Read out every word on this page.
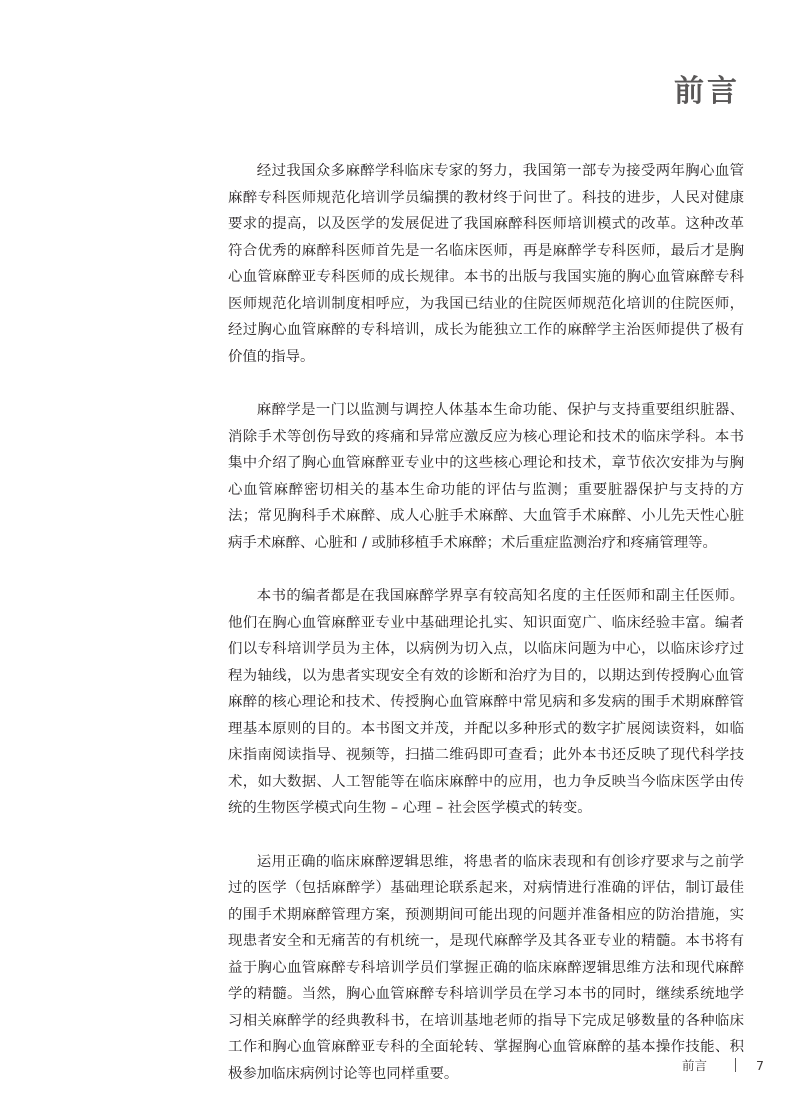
前言

经过我国众多麻醉学科临床专家的努力，我国第一部专为接受两年胸心血管麻醉专科医师规范化培训学员编撰的教材终于问世了。科技的进步，人民对健康要求的提高，以及医学的发展促进了我国麻醉科医师培训模式的改革。这种改革符合优秀的麻醉科医师首先是一名临床医师，再是麻醉学专科医师，最后才是胸心血管麻醉亚专科医师的成长规律。本书的出版与我国实施的胸心血管麻醉专科医师规范化培训制度相呼应，为我国已结业的住院医师规范化培训的住院医师，经过胸心血管麻醉的专科培训，成长为能独立工作的麻醉学主治医师提供了极有价值的指导。

麻醉学是一门以监测与调控人体基本生命功能、保护与支持重要组织脏器、消除手术等创伤导致的疼痛和异常应激反应为核心理论和技术的临床学科。本书集中介绍了胸心血管麻醉亚专业中的这些核心理论和技术，章节依次安排为与胸心血管麻醉密切相关的基本生命功能的评估与监测；重要脏器保护与支持的方法；常见胸科手术麻醉、成人心脏手术麻醉、大血管手术麻醉、小儿先天性心脏病手术麻醉、心脏和 / 或肺移植手术麻醉；术后重症监测治疗和疼痛管理等。

本书的编者都是在我国麻醉学界享有较高知名度的主任医师和副主任医师。他们在胸心血管麻醉亚专业中基础理论扎实、知识面宽广、临床经验丰富。编者们以专科培训学员为主体，以病例为切入点，以临床问题为中心，以临床诊疗过程为轴线，以为患者实现安全有效的诊断和治疗为目的，以期达到传授胸心血管麻醉的核心理论和技术、传授胸心血管麻醉中常见病和多发病的围手术期麻醉管理基本原则的目的。本书图文并茂，并配以多种形式的数字扩展阅读资料，如临床指南阅读指导、视频等，扫描二维码即可查看；此外本书还反映了现代科学技术，如大数据、人工智能等在临床麻醉中的应用，也力争反映当今临床医学由传统的生物医学模式向生物 – 心理 – 社会医学模式的转变。

运用正确的临床麻醉逻辑思维，将患者的临床表现和有创诊疗要求与之前学过的医学（包括麻醉学）基础理论联系起来，对病情进行准确的评估，制订最佳的围手术期麻醉管理方案，预测期间可能出现的问题并准备相应的防治措施，实现患者安全和无痛苦的有机统一，是现代麻醉学及其各亚专业的精髓。本书将有益于胸心血管麻醉专科培训学员们掌握正确的临床麻醉逻辑思维方法和现代麻醉学的精髓。当然，胸心血管麻醉专科培训学员在学习本书的同时，继续系统地学习相关麻醉学的经典教科书，在培训基地老师的指导下完成足够数量的各种临床工作和胸心血管麻醉亚专科的全面轮转、掌握胸心血管麻醉的基本操作技能、积极参加临床病例讨论等也同样重要。	前言	7
